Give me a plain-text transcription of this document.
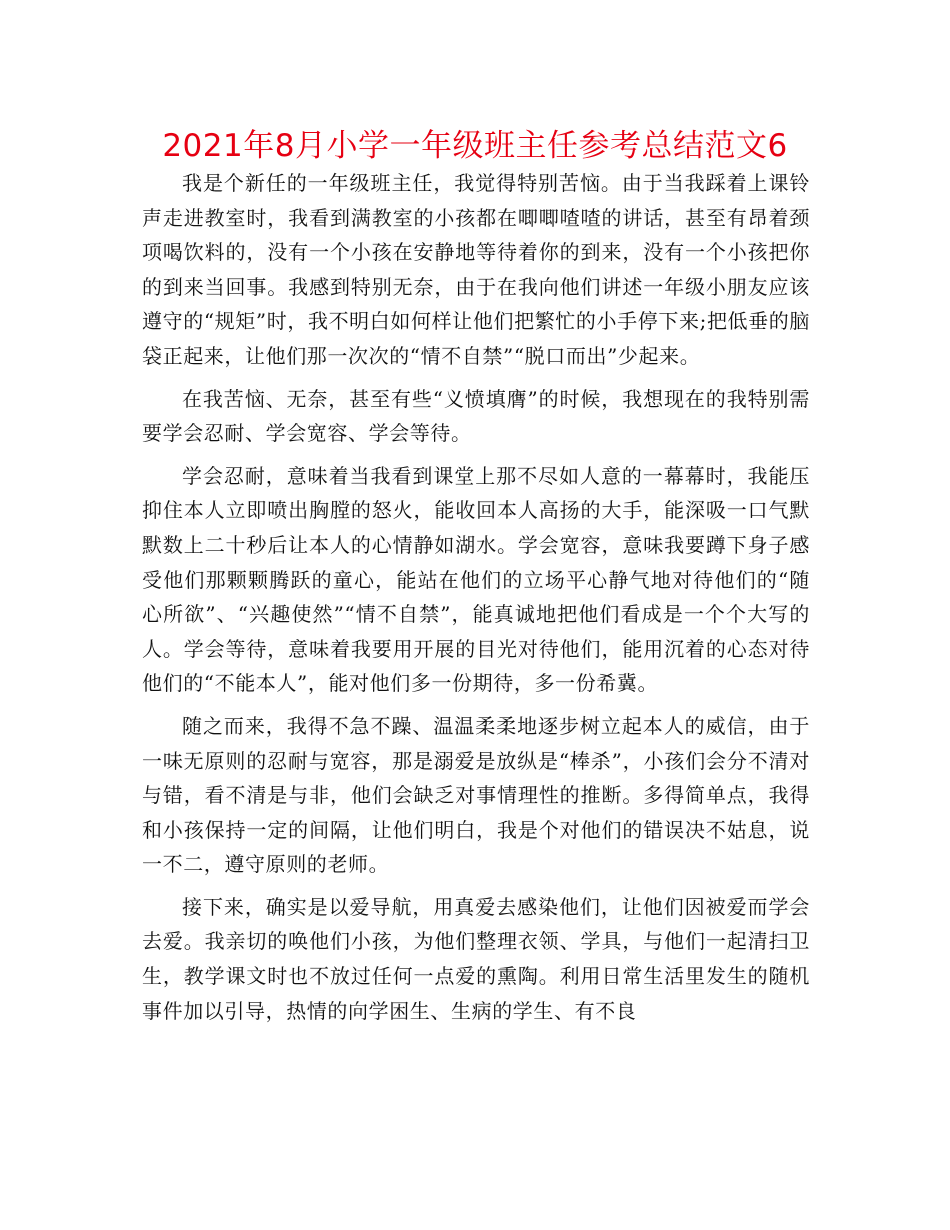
2021年8月小学一年级班主任参考总结范文6

我是个新任的一年级班主任，我觉得特别苦恼。由于当我踩着上课铃声走进教室时，我看到满教室的小孩都在唧唧喳喳的讲话，甚至有昂着颈项喝饮料的，没有一个小孩在安静地等待着你的到来，没有一个小孩把你的到来当回事。我感到特别无奈，由于在我向他们讲述一年级小朋友应该遵守的“规矩”时，我不明白如何样让他们把繁忙的小手停下来;把低垂的脑袋正起来，让他们那一次次的“情不自禁”“脱口而出”少起来。

在我苦恼、无奈，甚至有些“义愤填膺”的时候，我想现在的我特别需要学会忍耐、学会宽容、学会等待。

学会忍耐，意味着当我看到课堂上那不尽如人意的一幕幕时，我能压抑住本人立即喷出胸膛的怒火，能收回本人高扬的大手，能深吸一口气默默数上二十秒后让本人的心情静如湖水。学会宽容，意味我要蹲下身子感受他们那颗颗腾跃的童心，能站在他们的立场平心静气地对待他们的“随心所欲”、“兴趣使然”“情不自禁”，能真诚地把他们看成是一个个大写的人。学会等待，意味着我要用开展的目光对待他们，能用沉着的心态对待他们的“不能本人”，能对他们多一份期待，多一份希冀。

随之而来，我得不急不躁、温温柔柔地逐步树立起本人的威信，由于一味无原则的忍耐与宽容，那是溺爱是放纵是“棒杀”，小孩们会分不清对与错，看不清是与非，他们会缺乏对事情理性的推断。多得简单点，我得和小孩保持一定的间隔，让他们明白，我是个对他们的错误决不姑息，说一不二，遵守原则的老师。

接下来，确实是以爱导航，用真爱去感染他们，让他们因被爱而学会去爱。我亲切的唤他们小孩，为他们整理衣领、学具，与他们一起清扫卫生，教学课文时也不放过任何一点爱的熏陶。利用日常生活里发生的随机事件加以引导，热情的向学困生、生病的学生、有不良
